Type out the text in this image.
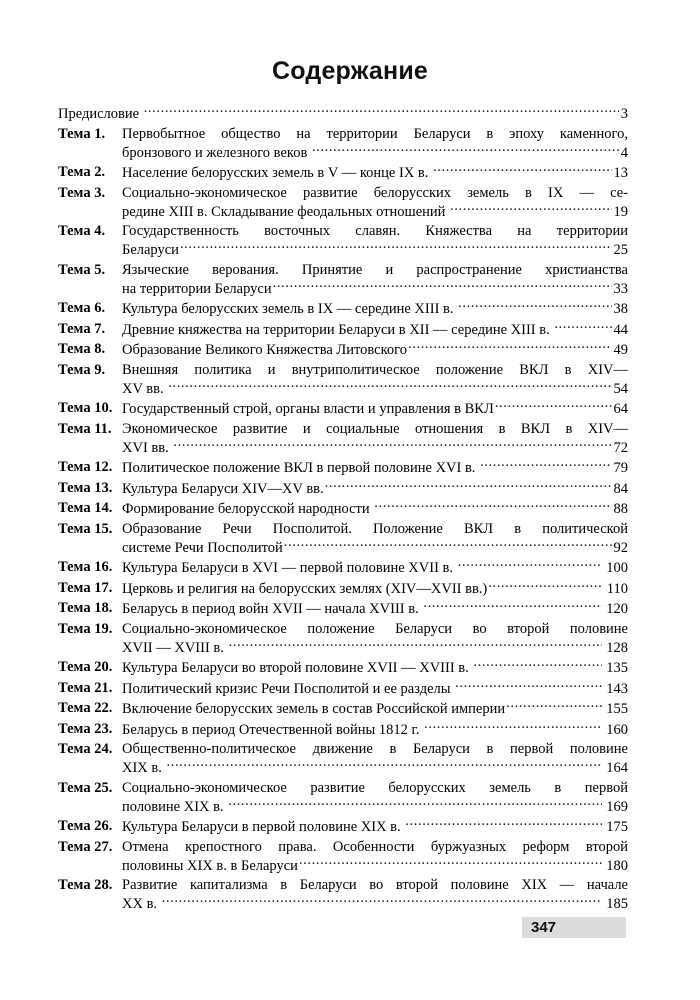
Содержание
Предисловие .....	3
Тема 1.	Первобытное общество на территории Беларуси в эпоху каменного,
бронзового и железного веков .....	4
Тема 2.	Население белорусских земель в V — конце IX в. .....	13
Тема 3.	Социально-экономическое развитие белорусских земель в IX — се-
редине XIII в. Складывание феодальных отношений .....	19
Тема 4.	Государственность восточных славян. Княжества на территории
Беларуси .....	25
Тема 5.	Языческие верования. Принятие и распространение христианства
на территории Беларуси .....	33
Тема 6.	Культура белорусских земель в IX — середине XIII в. .....	38
Тема 7.	Древние княжества на территории Беларуси в XII — середине XIII в. .....	44
Тема 8.	Образование Великого Княжества Литовского .....	49
Тема 9.	Внешняя политика и внутриполитическое положение ВКЛ в XIV—
XV вв. .....	54
Тема 10. Государственный строй, органы власти и управления в ВКЛ .....	64
Тема 11. Экономическое развитие и социальные отношения в ВКЛ в XIV—
XVI вв. .....	72
Тема 12. Политическое положение ВКЛ в первой половине XVI в. .....	79
Тема 13. Культура Беларуси XIV—XV вв. .....	84
Тема 14. Формирование белорусской народности .....	88
Тема 15. Образование Речи Посполитой. Положение ВКЛ в политической
системе Речи Посполитой .....	92
Тема 16. Культура Беларуси в XVI — первой половине XVII в. .....	100
Тема 17. Церковь и религия на белорусских землях (XIV—XVII вв.) .....	110
Тема 18. Беларусь в период войн XVII — начала XVIII в. .....	120
Тема 19. Социально-экономическое положение Беларуси во второй половине
XVII — XVIII в. .....	128
Тема 20. Культура Беларуси во второй половине XVII — XVIII в. .....	135
Тема 21. Политический кризис Речи Посполитой и ее разделы .....	143
Тема 22. Включение белорусских земель в состав Российской империи .....	155
Тема 23. Беларусь в период Отечественной войны 1812 г. .....	160
Тема 24. Общественно-политическое движение в Беларуси в первой половине
XIX в. .....	164
Тема 25. Социально-экономическое развитие белорусских земель в первой
половине XIX в. .....	169
Тема 26. Культура Беларуси в первой половине XIX в. .....	175
Тема 27. Отмена крепостного права. Особенности буржуазных реформ второй
половины XIX в. в Беларуси .....	180
Тема 28. Развитие капитализма в Беларуси во второй половине XIX — начале
XX в. .....	185
347
